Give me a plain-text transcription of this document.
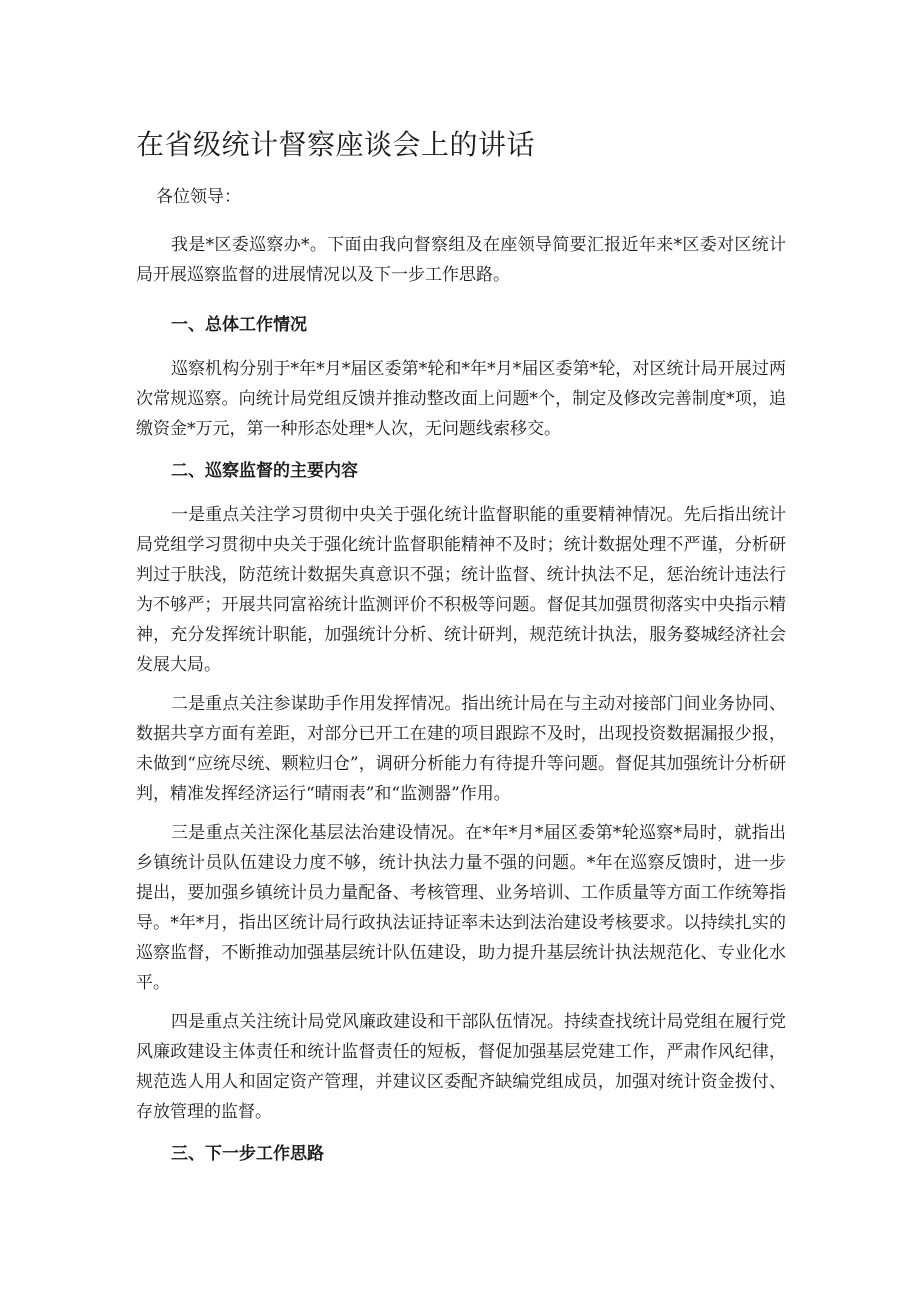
在省级统计督察座谈会上的讲话

各位领导：

我是*区委巡察办*。下面由我向督察组及在座领导简要汇报近年来*区委对区统计局开展巡察监督的进展情况以及下一步工作思路。

一、总体工作情况

巡察机构分别于*年*月*届区委第*轮和*年*月*届区委第*轮，对区统计局开展过两次常规巡察。向统计局党组反馈并推动整改面上问题*个，制定及修改完善制度*项，追缴资金*万元，第一种形态处理*人次，无问题线索移交。

二、巡察监督的主要内容

一是重点关注学习贯彻中央关于强化统计监督职能的重要精神情况。先后指出统计局党组学习贯彻中央关于强化统计监督职能精神不及时；统计数据处理不严谨，分析研判过于肤浅，防范统计数据失真意识不强；统计监督、统计执法不足，惩治统计违法行为不够严；开展共同富裕统计监测评价不积极等问题。督促其加强贯彻落实中央指示精神，充分发挥统计职能，加强统计分析、统计研判，规范统计执法，服务婺城经济社会发展大局。

二是重点关注参谋助手作用发挥情况。指出统计局在与主动对接部门间业务协同、数据共享方面有差距，对部分已开工在建的项目跟踪不及时，出现投资数据漏报少报，未做到“应统尽统、颗粒归仓”，调研分析能力有待提升等问题。督促其加强统计分析研判，精准发挥经济运行“晴雨表”和“监测器”作用。

三是重点关注深化基层法治建设情况。在*年*月*届区委第*轮巡察*局时，就指出乡镇统计员队伍建设力度不够，统计执法力量不强的问题。*年在巡察反馈时，进一步提出，要加强乡镇统计员力量配备、考核管理、业务培训、工作质量等方面工作统筹指导。*年*月，指出区统计局行政执法证持证率未达到法治建设考核要求。以持续扎实的巡察监督，不断推动加强基层统计队伍建设，助力提升基层统计执法规范化、专业化水平。

四是重点关注统计局党风廉政建设和干部队伍情况。持续查找统计局党组在履行党风廉政建设主体责任和统计监督责任的短板，督促加强基层党建工作，严肃作风纪律，规范选人用人和固定资产管理，并建议区委配齐缺编党组成员，加强对统计资金拨付、存放管理的监督。

三、下一步工作思路
